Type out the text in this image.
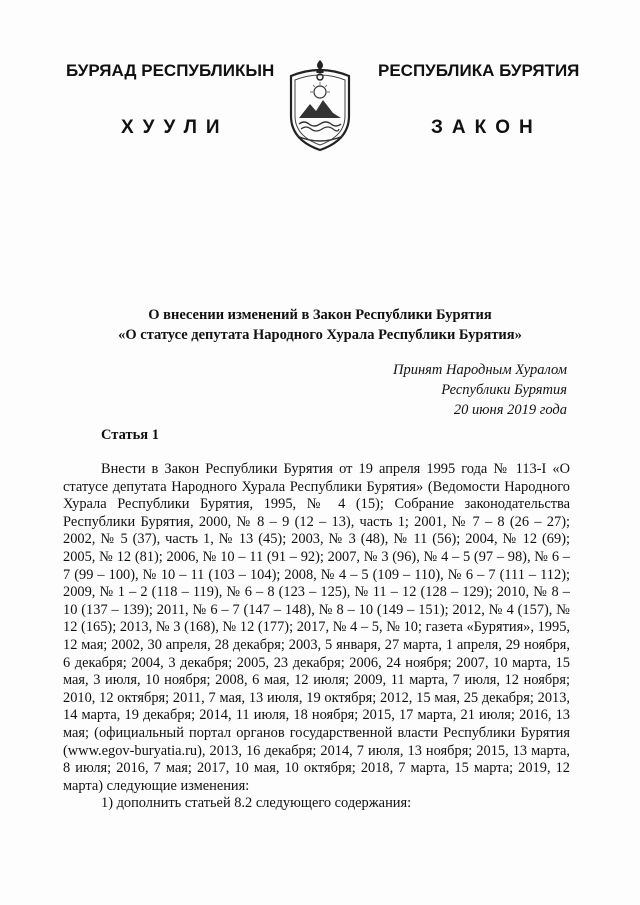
БУРЯАД РЕСПУБЛИКЫН
ХУУЛИ
РЕСПУБЛИКА БУРЯТИЯ
ЗАКОН
О внесении изменений в Закон Республики Бурятия
«О статусе депутата Народного Хурала Республики Бурятия»
Принят Народным Хуралом
Республики Бурятия
20 июня 2019 года
Статья 1

Внести в Закон Республики Бурятия от 19 апреля 1995 года № 113-I «О статусе депутата Народного Хурала Республики Бурятия» (Ведомости Народного Хурала Республики Бурятия, 1995, № 4 (15); Собрание законодательства Республики Бурятия, 2000, № 8 – 9 (12 – 13), часть 1; 2001, № 7 – 8 (26 – 27); 2002, № 5 (37), часть 1, № 13 (45); 2003, № 3 (48), № 11 (56); 2004, № 12 (69); 2005, № 12 (81); 2006, № 10 – 11 (91 – 92); 2007, № 3 (96), № 4 – 5 (97 – 98), № 6 – 7 (99 – 100), № 10 – 11 (103 – 104); 2008, № 4 – 5 (109 – 110), № 6 – 7 (111 – 112); 2009, № 1 – 2 (118 – 119), № 6 – 8 (123 – 125), № 11 – 12 (128 – 129); 2010, № 8 – 10 (137 – 139); 2011, № 6 – 7 (147 – 148), № 8 – 10 (149 – 151); 2012, № 4 (157), № 12 (165); 2013, № 3 (168), № 12 (177); 2017, № 4 – 5, № 10; газета «Бурятия», 1995, 12 мая; 2002, 30 апреля, 28 декабря; 2003, 5 января, 27 марта, 1 апреля, 29 ноября, 6 декабря; 2004, 3 декабря; 2005, 23 декабря; 2006, 24 ноября; 2007, 10 марта, 15 мая, 3 июля, 10 ноября; 2008, 6 мая, 12 июля; 2009, 11 марта, 7 июля, 12 ноября; 2010, 12 октября; 2011, 7 мая, 13 июля, 19 октября; 2012, 15 мая, 25 декабря; 2013, 14 марта, 19 декабря; 2014, 11 июля, 18 ноября; 2015, 17 марта, 21 июля; 2016, 13 мая; (официальный портал органов государственной власти Республики Бурятия (www.egov-buryatia.ru), 2013, 16 декабря; 2014, 7 июля, 13 ноября; 2015, 13 марта, 8 июля; 2016, 7 мая; 2017, 10 мая, 10 октября; 2018, 7 марта, 15 марта; 2019, 12 марта) следующие изменения:

1) дополнить статьей 8.2 следующего содержания:
